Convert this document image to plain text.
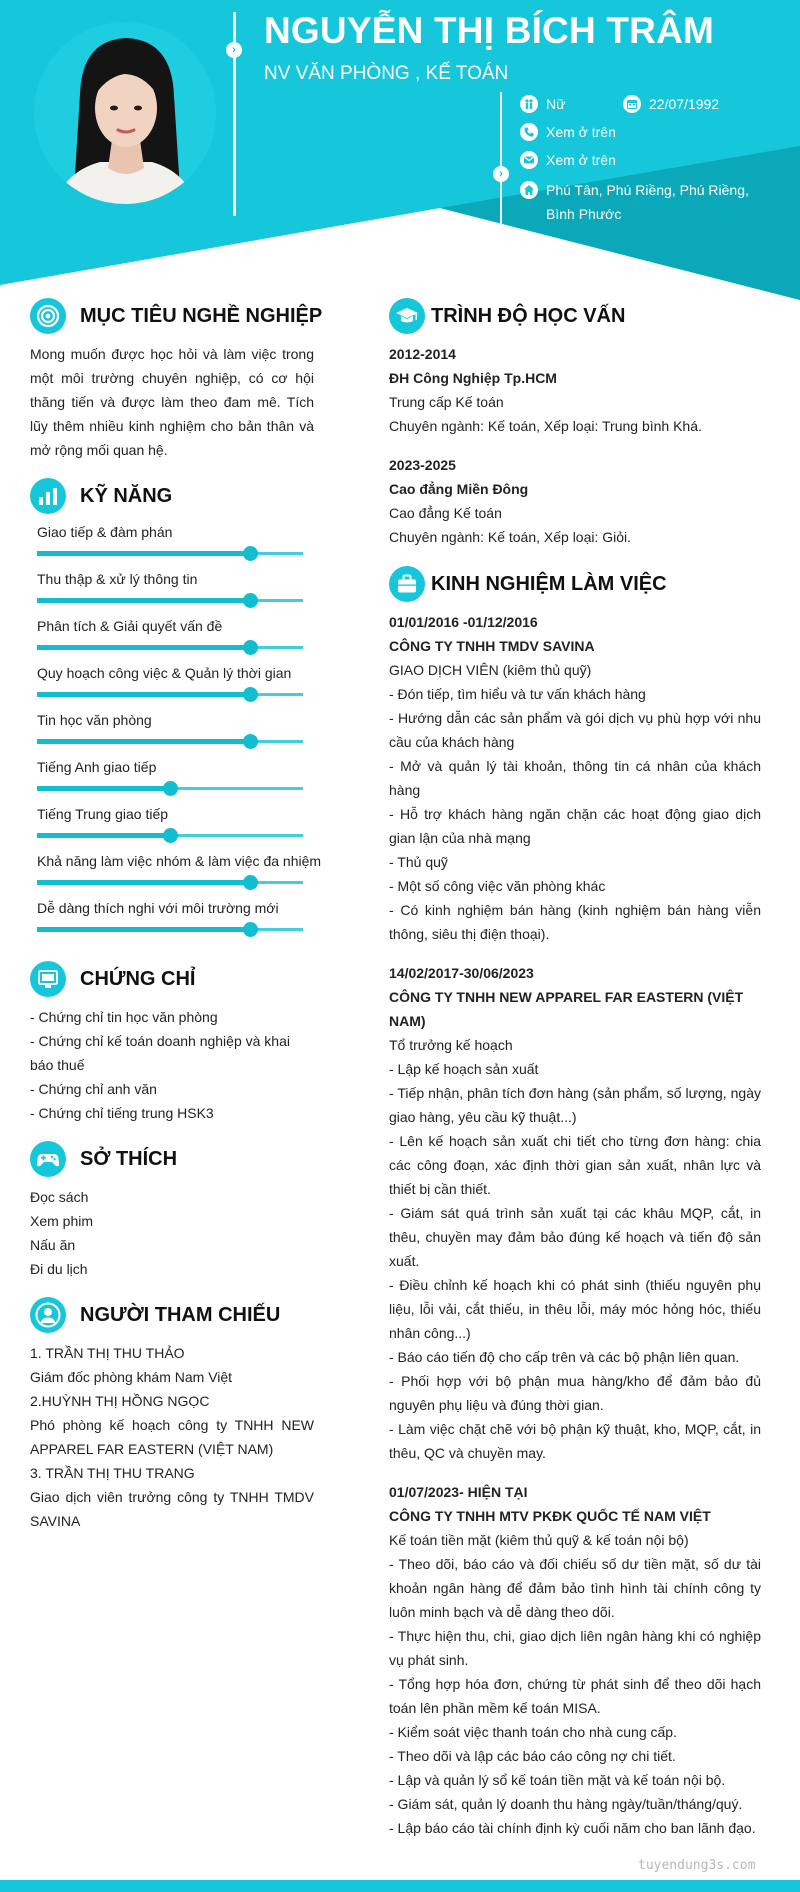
› NGUYỄN THỊ BÍCH TRÂM
NV VĂN PHÒNG , KẾ TOÁN
›
Nữ	22/07/1992
Xem ở trên
Xem ở trên
Phú Tân, Phú Riềng, Phú Riềng, Bình Phước
MỤC TIÊU NGHỀ NGHIỆP
Mong muốn được học hỏi và làm việc trong một môi trường chuyên nghiệp, có cơ hội thăng tiến và được làm theo đam mê. Tích lũy thêm nhiều kinh nghiệm cho bản thân và mở rộng mối quan hệ.
KỸ NĂNG
Giao tiếp & đàm phán
Thu thập & xử lý thông tin
Phân tích & Giải quyết vấn đề
Quy hoạch công việc & Quản lý thời gian
Tin học văn phòng
Tiếng Anh giao tiếp
Tiếng Trung giao tiếp
Khả năng làm việc nhóm & làm việc đa nhiệm
Dễ dàng thích nghi với môi trường mới
CHỨNG CHỈ
- Chứng chỉ tin học văn phòng
- Chứng chỉ kế toán doanh nghiệp và khai báo thuế
- Chứng chỉ anh văn
- Chứng chỉ tiếng trung HSK3
SỞ THÍCH
Đọc sách
Xem phim
Nấu ăn
Đi du lịch
NGƯỜI THAM CHIẾU
1. TRẦN THỊ THU THẢO
Giám đốc phòng khám Nam Việt
2.HUỲNH THỊ HỒNG NGỌC
Phó phòng kế hoạch công ty TNHH NEW APPAREL FAR EASTERN (VIỆT NAM)
3. TRẦN THỊ THU TRANG
Giao dịch viên trưởng công ty TNHH TMDV SAVINA
TRÌNH ĐỘ HỌC VẤN
2012-2014
ĐH Công Nghiệp Tp.HCM
Trung cấp Kế toán
Chuyên ngành: Kế toán, Xếp loại: Trung bình Khá.
2023-2025
Cao đẳng Miền Đông
Cao đẳng Kế toán
Chuyên ngành: Kế toán, Xếp loại: Giỏi.
KINH NGHIỆM LÀM VIỆC
01/01/2016 -01/12/2016
CÔNG TY TNHH TMDV SAVINA
GIAO DỊCH VIÊN (kiêm thủ quỹ)
- Đón tiếp, tìm hiểu và tư vấn khách hàng
- Hướng dẫn các sản phẩm và gói dịch vụ phù hợp với nhu cầu của khách hàng
- Mở và quản lý tài khoản, thông tin cá nhân của khách hàng
- Hỗ trợ khách hàng ngăn chặn các hoạt động giao dịch gian lận của nhà mạng
- Thủ quỹ
- Một số công việc văn phòng khác
- Có kinh nghiệm bán hàng (kinh nghiệm bán hàng viễn thông, siêu thị điện thoại).
14/02/2017-30/06/2023
CÔNG TY TNHH NEW APPAREL FAR EASTERN (VIỆT NAM)
Tổ trưởng kế hoạch
- Lập kế hoạch sản xuất
- Tiếp nhận, phân tích đơn hàng (sản phẩm, số lượng, ngày giao hàng, yêu cầu kỹ thuật...)
- Lên kế hoạch sản xuất chi tiết cho từng đơn hàng: chia các công đoạn, xác định thời gian sản xuất, nhân lực và thiết bị cần thiết.
- Giám sát quá trình sản xuất tại các khâu MQP, cắt, in thêu, chuyền may đảm bảo đúng kế hoạch và tiến độ sản xuất.
- Điều chỉnh kế hoạch khi có phát sinh (thiếu nguyên phụ liệu, lỗi vải, cắt thiếu, in thêu lỗi, máy móc hỏng hóc, thiếu nhân công...)
- Báo cáo tiến độ cho cấp trên và các bộ phận liên quan.
- Phối hợp với bộ phận mua hàng/kho để đảm bảo đủ nguyên phụ liệu và đúng thời gian.
- Làm việc chặt chẽ với bộ phận kỹ thuật, kho, MQP, cắt, in thêu, QC và chuyền may.
01/07/2023- HIỆN TẠI
CÔNG TY TNHH MTV PKĐK QUỐC TẾ NAM VIỆT
Kế toán tiền mặt (kiêm thủ quỹ & kế toán nội bộ)
- Theo dõi, báo cáo và đối chiếu số dư tiền mặt, số dư tài khoản ngân hàng để đảm bảo tình hình tài chính công ty luôn minh bạch và dễ dàng theo dõi.
- Thực hiện thu, chi, giao dịch liên ngân hàng khi có nghiệp vụ phát sinh.
- Tổng hợp hóa đơn, chứng từ phát sinh để theo dõi hạch toán lên phần mềm kế toán MISA.
- Kiểm soát việc thanh toán cho nhà cung cấp.
- Theo dõi và lập các báo cáo công nợ chi tiết.
- Lập và quản lý sổ kế toán tiền mặt và kế toán nội bộ.
- Giám sát, quản lý doanh thu hàng ngày/tuần/tháng/quý.
- Lập báo cáo tài chính định kỳ cuối năm cho ban lãnh đạo.
tuyendung3s.com
